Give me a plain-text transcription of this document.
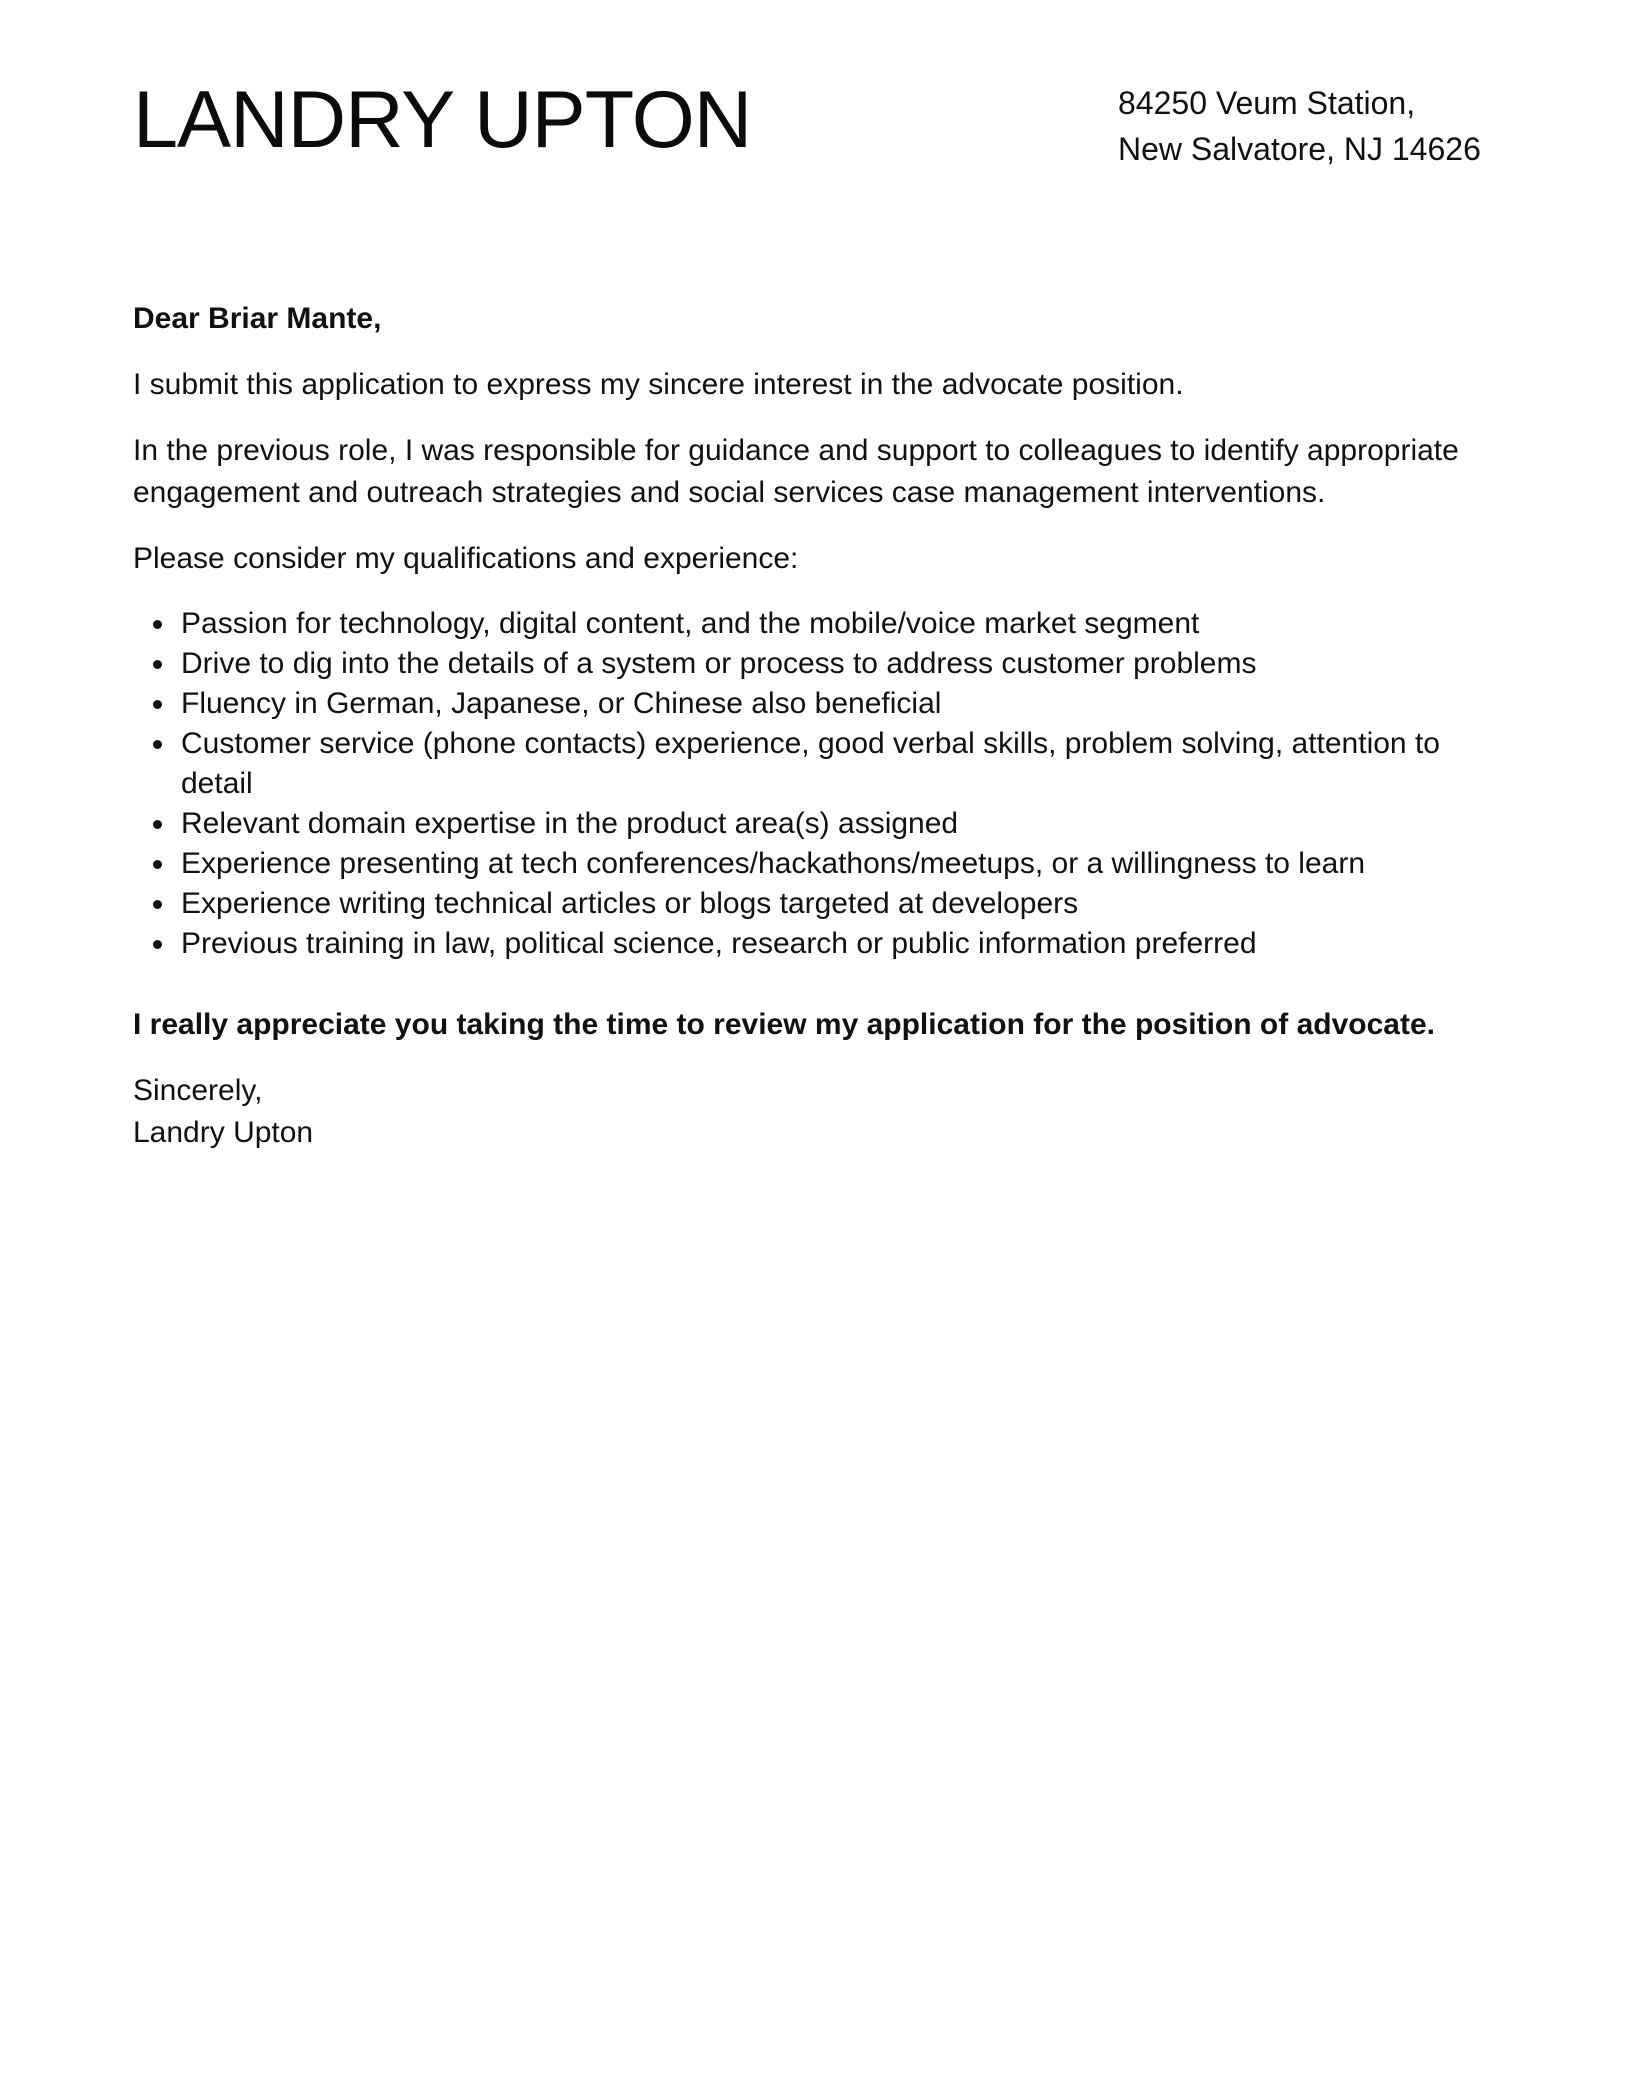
LANDRY UPTON	84250 Veum Station,
New Salvatore, NJ 14626

Dear Briar Mante,

I submit this application to express my sincere interest in the advocate position.

In the previous role, I was responsible for guidance and support to colleagues to identify appropriate engagement and outreach strategies and social services case management interventions.

Please consider my qualifications and experience:

Passion for technology, digital content, and the mobile/voice market segment
Drive to dig into the details of a system or process to address customer problems
Fluency in German, Japanese, or Chinese also beneficial
Customer service (phone contacts) experience, good verbal skills, problem solving, attention to detail
Relevant domain expertise in the product area(s) assigned
Experience presenting at tech conferences/hackathons/meetups, or a willingness to learn
Experience writing technical articles or blogs targeted at developers
Previous training in law, political science, research or public information preferred

I really appreciate you taking the time to review my application for the position of advocate.

Sincerely,
Landry Upton
